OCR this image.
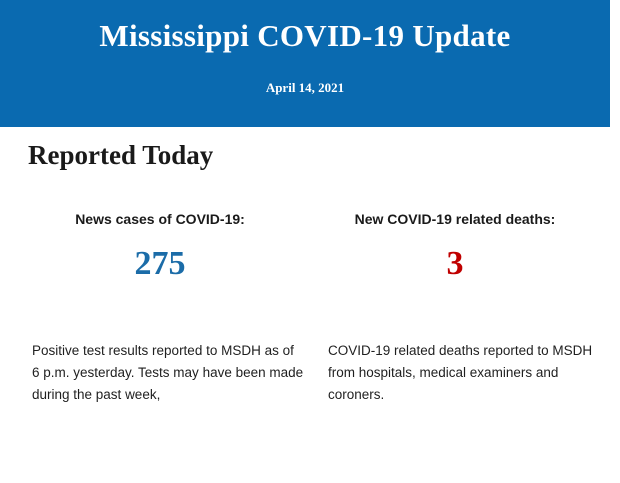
Mississippi COVID-19 Update
April 14, 2021
Reported Today
News cases of COVID-19:
275
Positive test results reported to MSDH as of 6 p.m. yesterday. Tests may have been made during the past week,
New COVID-19 related deaths:
3
COVID-19 related deaths reported to MSDH from hospitals, medical examiners and coroners.
